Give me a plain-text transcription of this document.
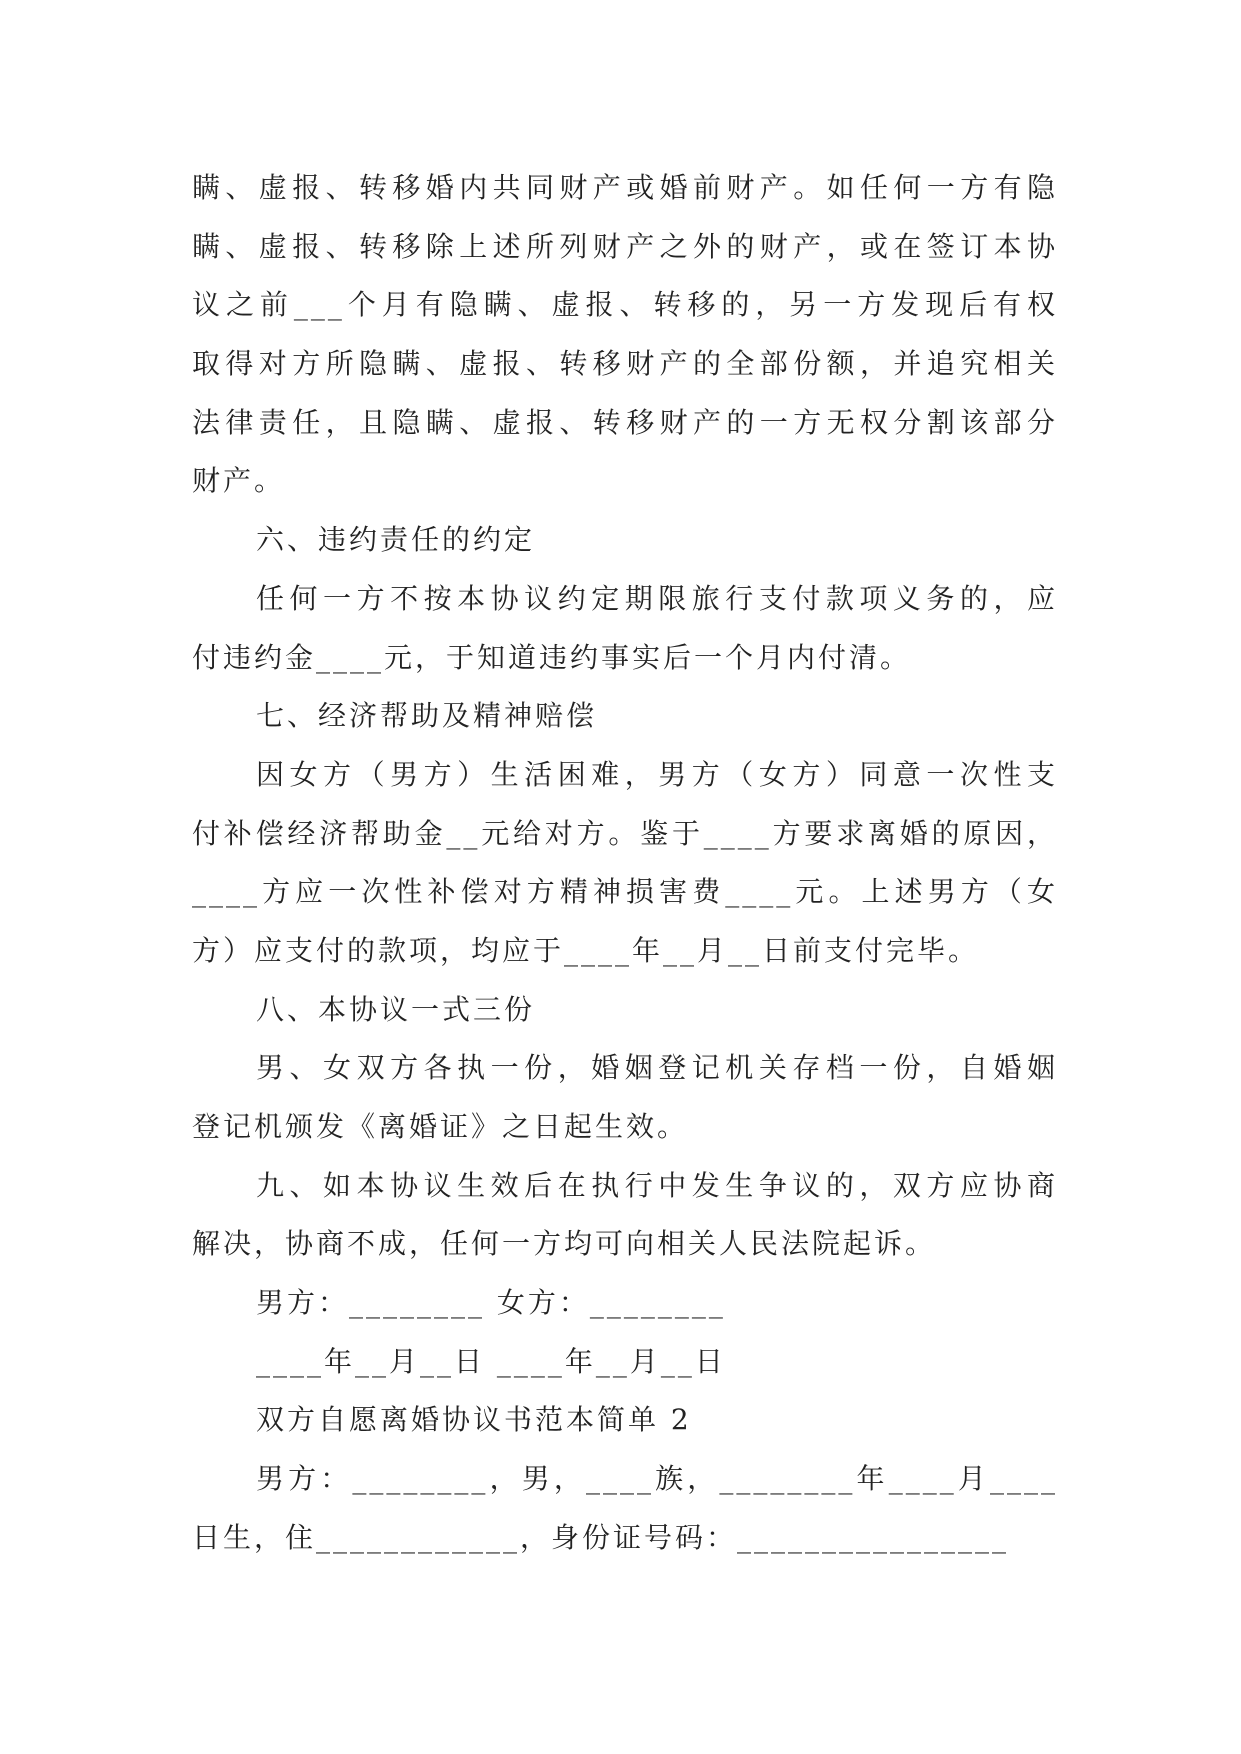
瞒、虚报、转移婚内共同财产或婚前财产。如任何一方有隐
瞒、虚报、转移除上述所列财产之外的财产，或在签订本协
议之前___个月有隐瞒、虚报、转移的，另一方发现后有权
取得对方所隐瞒、虚报、转移财产的全部份额，并追究相关
法律责任，且隐瞒、虚报、转移财产的一方无权分割该部分
财产。
六、违约责任的约定
任何一方不按本协议约定期限旅行支付款项义务的，应
付违约金____元，于知道违约事实后一个月内付清。
七、经济帮助及精神赔偿
因女方（男方）生活困难，男方（女方）同意一次性支
付补偿经济帮助金__元给对方。鉴于____方要求离婚的原因，
____方应一次性补偿对方精神损害费____元。上述男方（女
方）应支付的款项，均应于____年__月__日前支付完毕。
八、本协议一式三份
男、女双方各执一份，婚姻登记机关存档一份，自婚姻
登记机颁发《离婚证》之日起生效。
九、如本协议生效后在执行中发生争议的，双方应协商
解决，协商不成，任何一方均可向相关人民法院起诉。
男方：________ 女方：________
____年__月__日 ____年__月__日
双方自愿离婚协议书范本简单 2
男方：________，男，____族，________年____月____
日生，住____________，身份证号码：________________
